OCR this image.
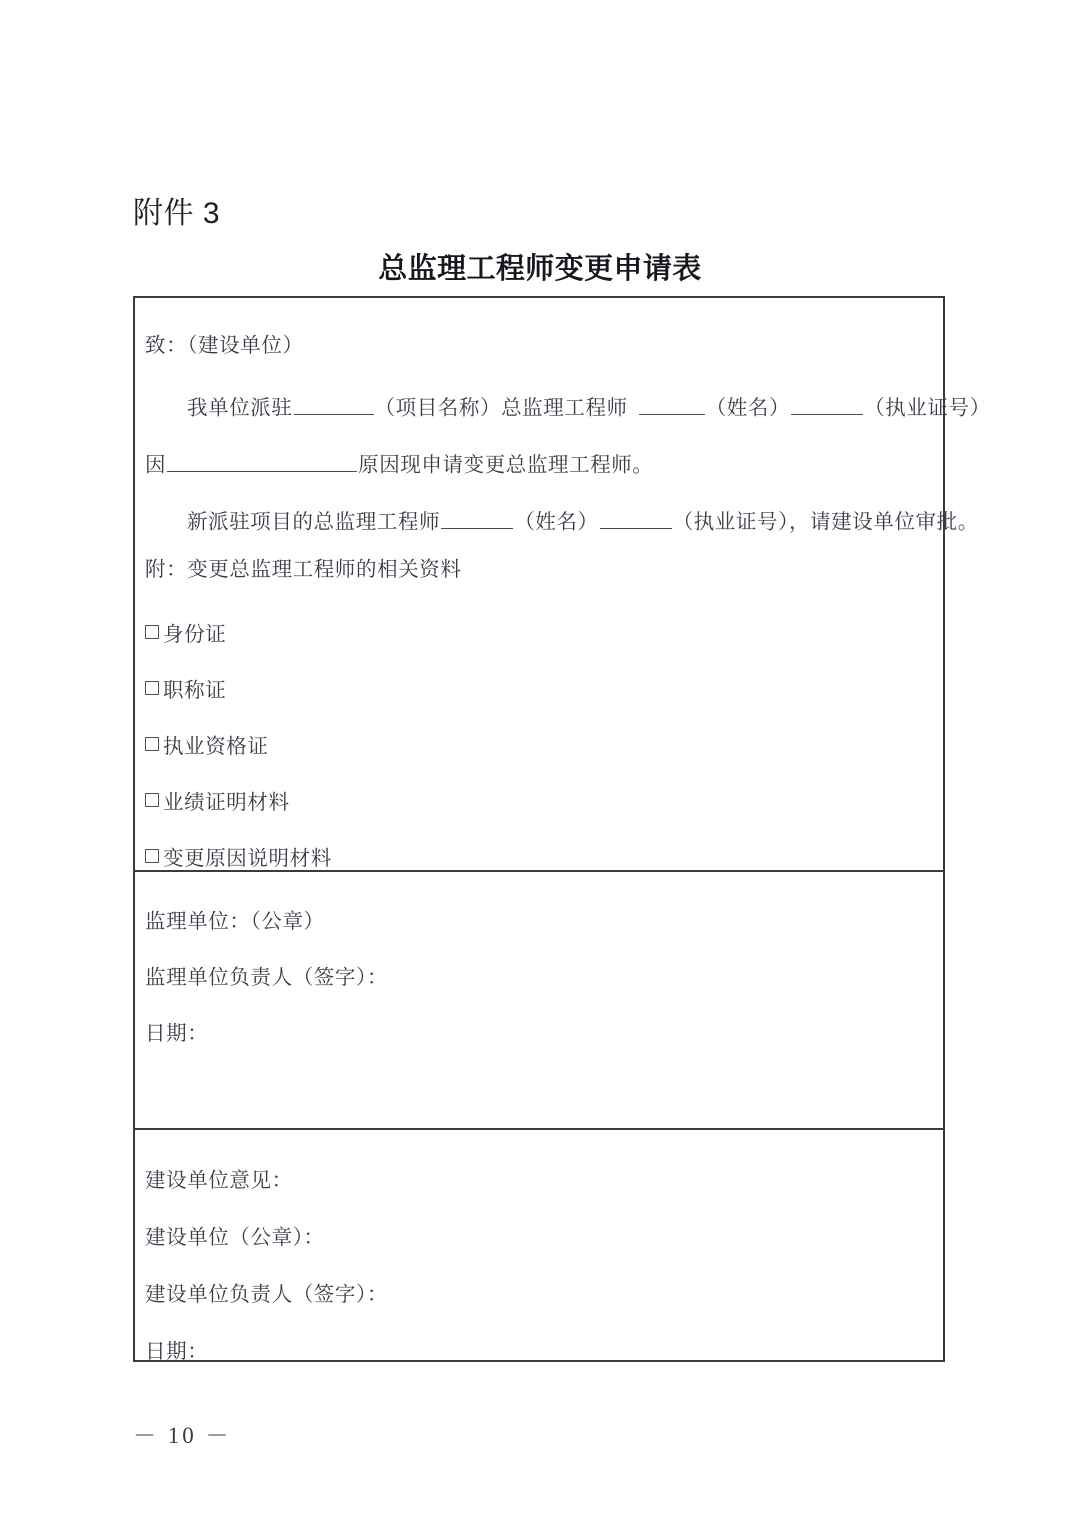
附件 3
总监理工程师变更申请表
致：（建设单位）
我单位派驻	（项目名称）总监理工程师	（姓名）	（执业证号）
因	原因现申请变更总监理工程师。
新派驻项目的总监理工程师	（姓名）	（执业证号），请建设单位审批。
附：变更总监理工程师的相关资料
身份证
职称证
执业资格证
业绩证明材料
变更原因说明材料
监理单位：（公章）
监理单位负责人（签字）：
日期：
建设单位意见：
建设单位（公章）：
建设单位负责人（签字）：
日期：
－ 10 －
